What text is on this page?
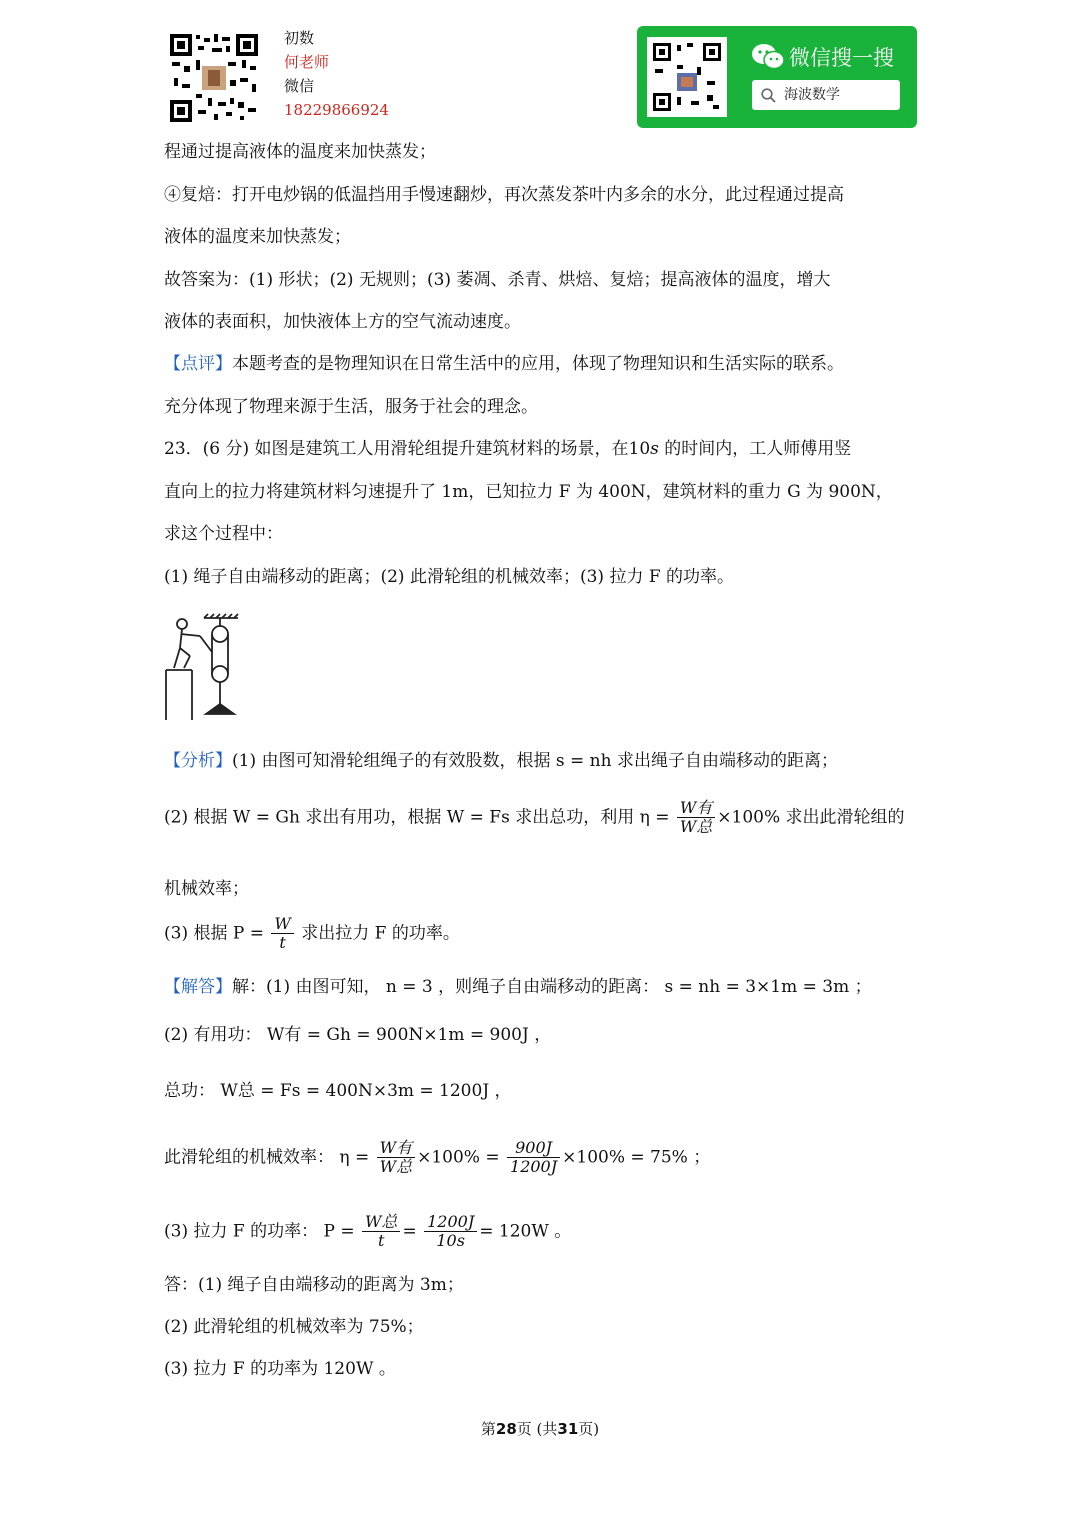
初数
何老师
微信
18229866924
微信搜一搜
海波数学
程通过提高液体的温度来加快蒸发；
④复焙：打开电炒锅的低温挡用手慢速翻炒，再次蒸发茶叶内多余的水分，此过程通过提高
液体的温度来加快蒸发；
故答案为：(1) 形状；(2) 无规则；(3) 萎凋、杀青、烘焙、复焙；提高液体的温度，增大
液体的表面积，加快液体上方的空气流动速度。
【点评】本题考查的是物理知识在日常生活中的应用，体现了物理知识和生活实际的联系。
充分体现了物理来源于生活，服务于社会的理念。
23．(6 分) 如图是建筑工人用滑轮组提升建筑材料的场景，在10s 的时间内，工人师傅用竖
直向上的拉力将建筑材料匀速提升了 1m，已知拉力 F 为 400N，建筑材料的重力 G 为 900N，
求这个过程中：
(1) 绳子自由端移动的距离；(2) 此滑轮组的机械效率；(3) 拉力 F 的功率。
【分析】(1) 由图可知滑轮组绳子的有效股数，根据 s = nh 求出绳子自由端移动的距离；
(2) 根据 W = Gh 求出有用功，根据 W = Fs 求出总功，利用 $\eta = \frac{\text{W有}}{\text{W总}} \times 100\%$ 求出此滑轮组的
机械效率；
(3) 根据 $P = \frac{W}{t}$ 求出拉力 F 的功率。
【解答】解：(1) 由图可知， n = 3 ，则绳子自由端移动的距离： s = nh = 3×1m = 3m ；
(2) 有用功： W有 = Gh = 900N×1m = 900J ，
总功： W总 = Fs = 400N×3m = 1200J ，
此滑轮组的机械效率： $\eta = \frac{\text{W有}}{\text{W总}} \times 100\% = \frac{900J}{1200J} \times 100\% = 75\%$ ；
(3) 拉力 F 的功率： $P = \frac{\text{W总}}{t} = \frac{1200J}{10s} = 120W$ 。
答：(1) 绳子自由端移动的距离为 3m；
(2) 此滑轮组的机械效率为 75%；
(3) 拉力 F 的功率为 120W 。
第28页 (共31页)
